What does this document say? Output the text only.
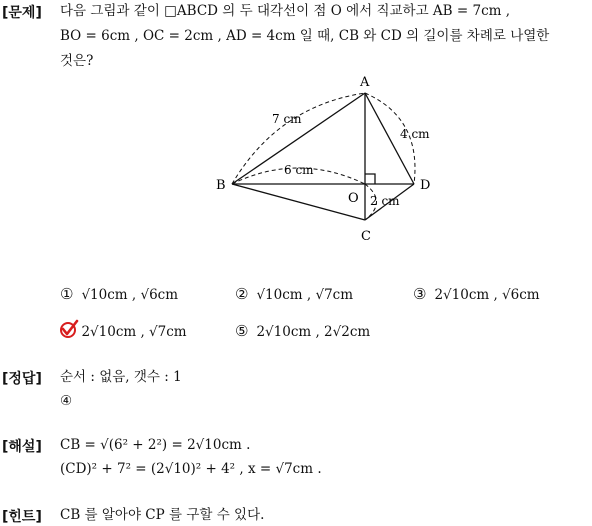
[문제] 다음 그림과 같이 □ABCD 의 두 대각선이 점 O 에서 직교하고 AB = 7cm ,
BO = 6cm , OC = 2cm , AD = 4cm 일 때, CB 와 CD 의 길이를 차례로 나열한
것은?
A
B
C
D
O
7 cm
6 cm
2 cm
4 cm
① √10cm , √6cm	② √10cm , √7cm	③ 2√10cm , √6cm
2√10cm , √7cm	⑤ 2√10cm , 2√2cm
[정답] 순서 : 없음, 갯수 : 1
④
[해설] CB = √(6² + 2²) = 2√10cm .
(CD)² + 7² = (2√10)² + 4² , x = √7cm .
[힌트] CB 를 알아야 CP 를 구할 수 있다.
